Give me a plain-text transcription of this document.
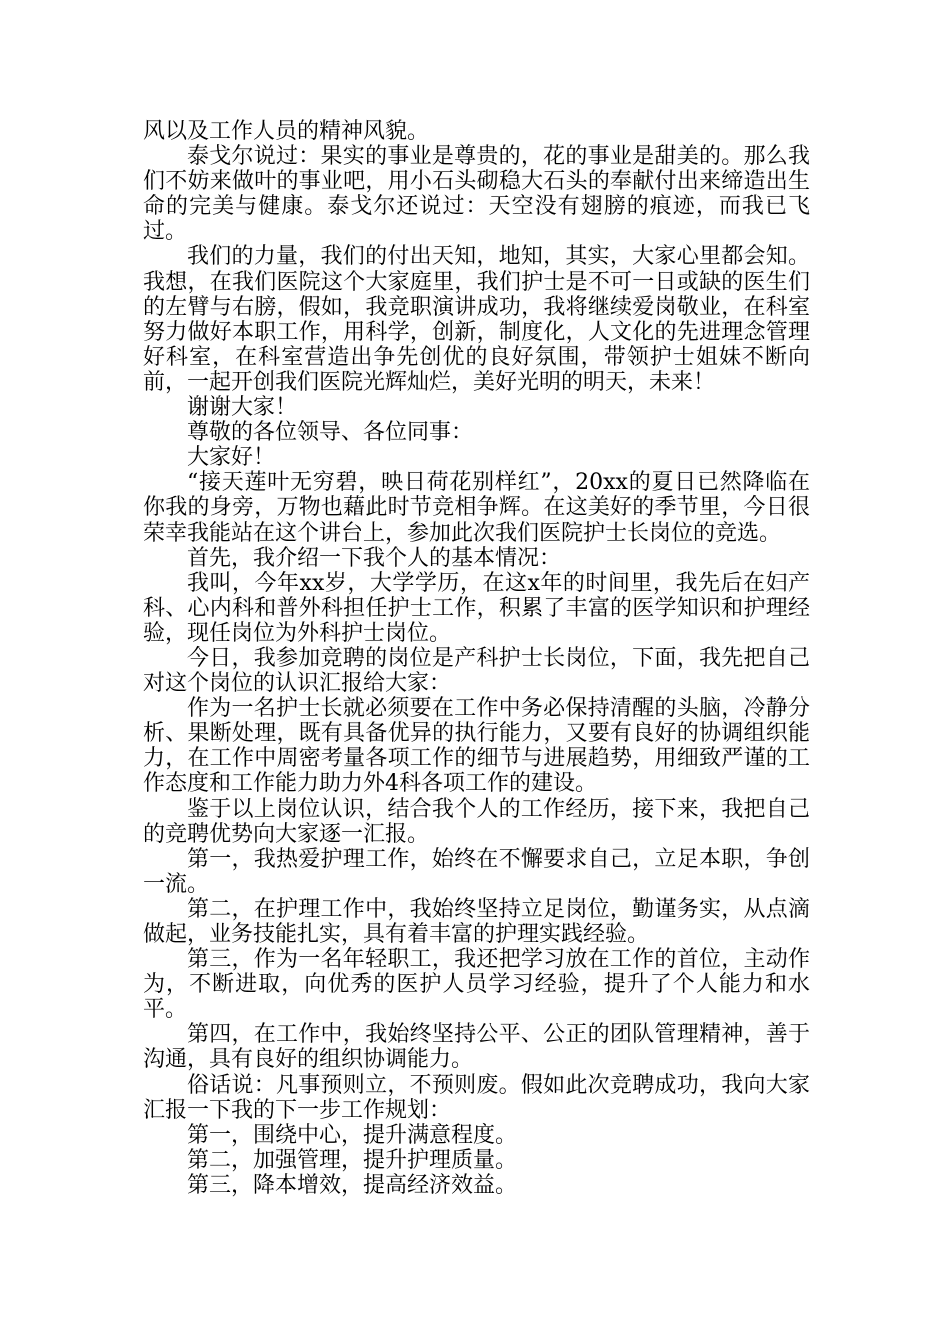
风以及工作人员的精神风貌。

泰戈尔说过：果实的事业是尊贵的，花的事业是甜美的。那么我们不妨来做叶的事业吧，用小石头砌稳大石头的奉献付出来缔造出生命的完美与健康。泰戈尔还说过：天空没有翅膀的痕迹，而我已飞过。

我们的力量，我们的付出天知，地知，其实，大家心里都会知。我想，在我们医院这个大家庭里，我们护士是不可一日或缺的医生们的左臂与右膀，假如，我竞职演讲成功，我将继续爱岗敬业，在科室努力做好本职工作，用科学，创新，制度化，人文化的先进理念管理好科室，在科室营造出争先创优的良好氛围，带领护士姐妹不断向前，一起开创我们医院光辉灿烂，美好光明的明天，未来！

谢谢大家！

尊敬的各位领导、各位同事：

大家好！

“接天莲叶无穷碧，映日荷花别样红”，20xx的夏日已然降临在你我的身旁，万物也藉此时节竞相争辉。在这美好的季节里，今日很荣幸我能站在这个讲台上，参加此次我们医院护士长岗位的竞选。

首先，我介绍一下我个人的基本情况：

我叫，今年xx岁，大学学历，在这x年的时间里，我先后在妇产科、心内科和普外科担任护士工作，积累了丰富的医学知识和护理经验，现任岗位为外科护士岗位。

今日，我参加竞聘的岗位是产科护士长岗位，下面，我先把自己对这个岗位的认识汇报给大家：

作为一名护士长就必须要在工作中务必保持清醒的头脑，冷静分析、果断处理，既有具备优异的执行能力，又要有良好的协调组织能力，在工作中周密考量各项工作的细节与进展趋势，用细致严谨的工作态度和工作能力助力外4科各项工作的建设。

鉴于以上岗位认识，结合我个人的工作经历，接下来，我把自己的竞聘优势向大家逐一汇报。

第一，我热爱护理工作，始终在不懈要求自己，立足本职，争创一流。

第二，在护理工作中，我始终坚持立足岗位，勤谨务实，从点滴做起，业务技能扎实，具有着丰富的护理实践经验。

第三，作为一名年轻职工，我还把学习放在工作的首位，主动作为，不断进取，向优秀的医护人员学习经验，提升了个人能力和水平。

第四，在工作中，我始终坚持公平、公正的团队管理精神，善于沟通，具有良好的组织协调能力。

俗话说：凡事预则立，不预则废。假如此次竞聘成功，我向大家汇报一下我的下一步工作规划：

第一，围绕中心，提升满意程度。

第二，加强管理，提升护理质量。

第三，降本增效，提高经济效益。
